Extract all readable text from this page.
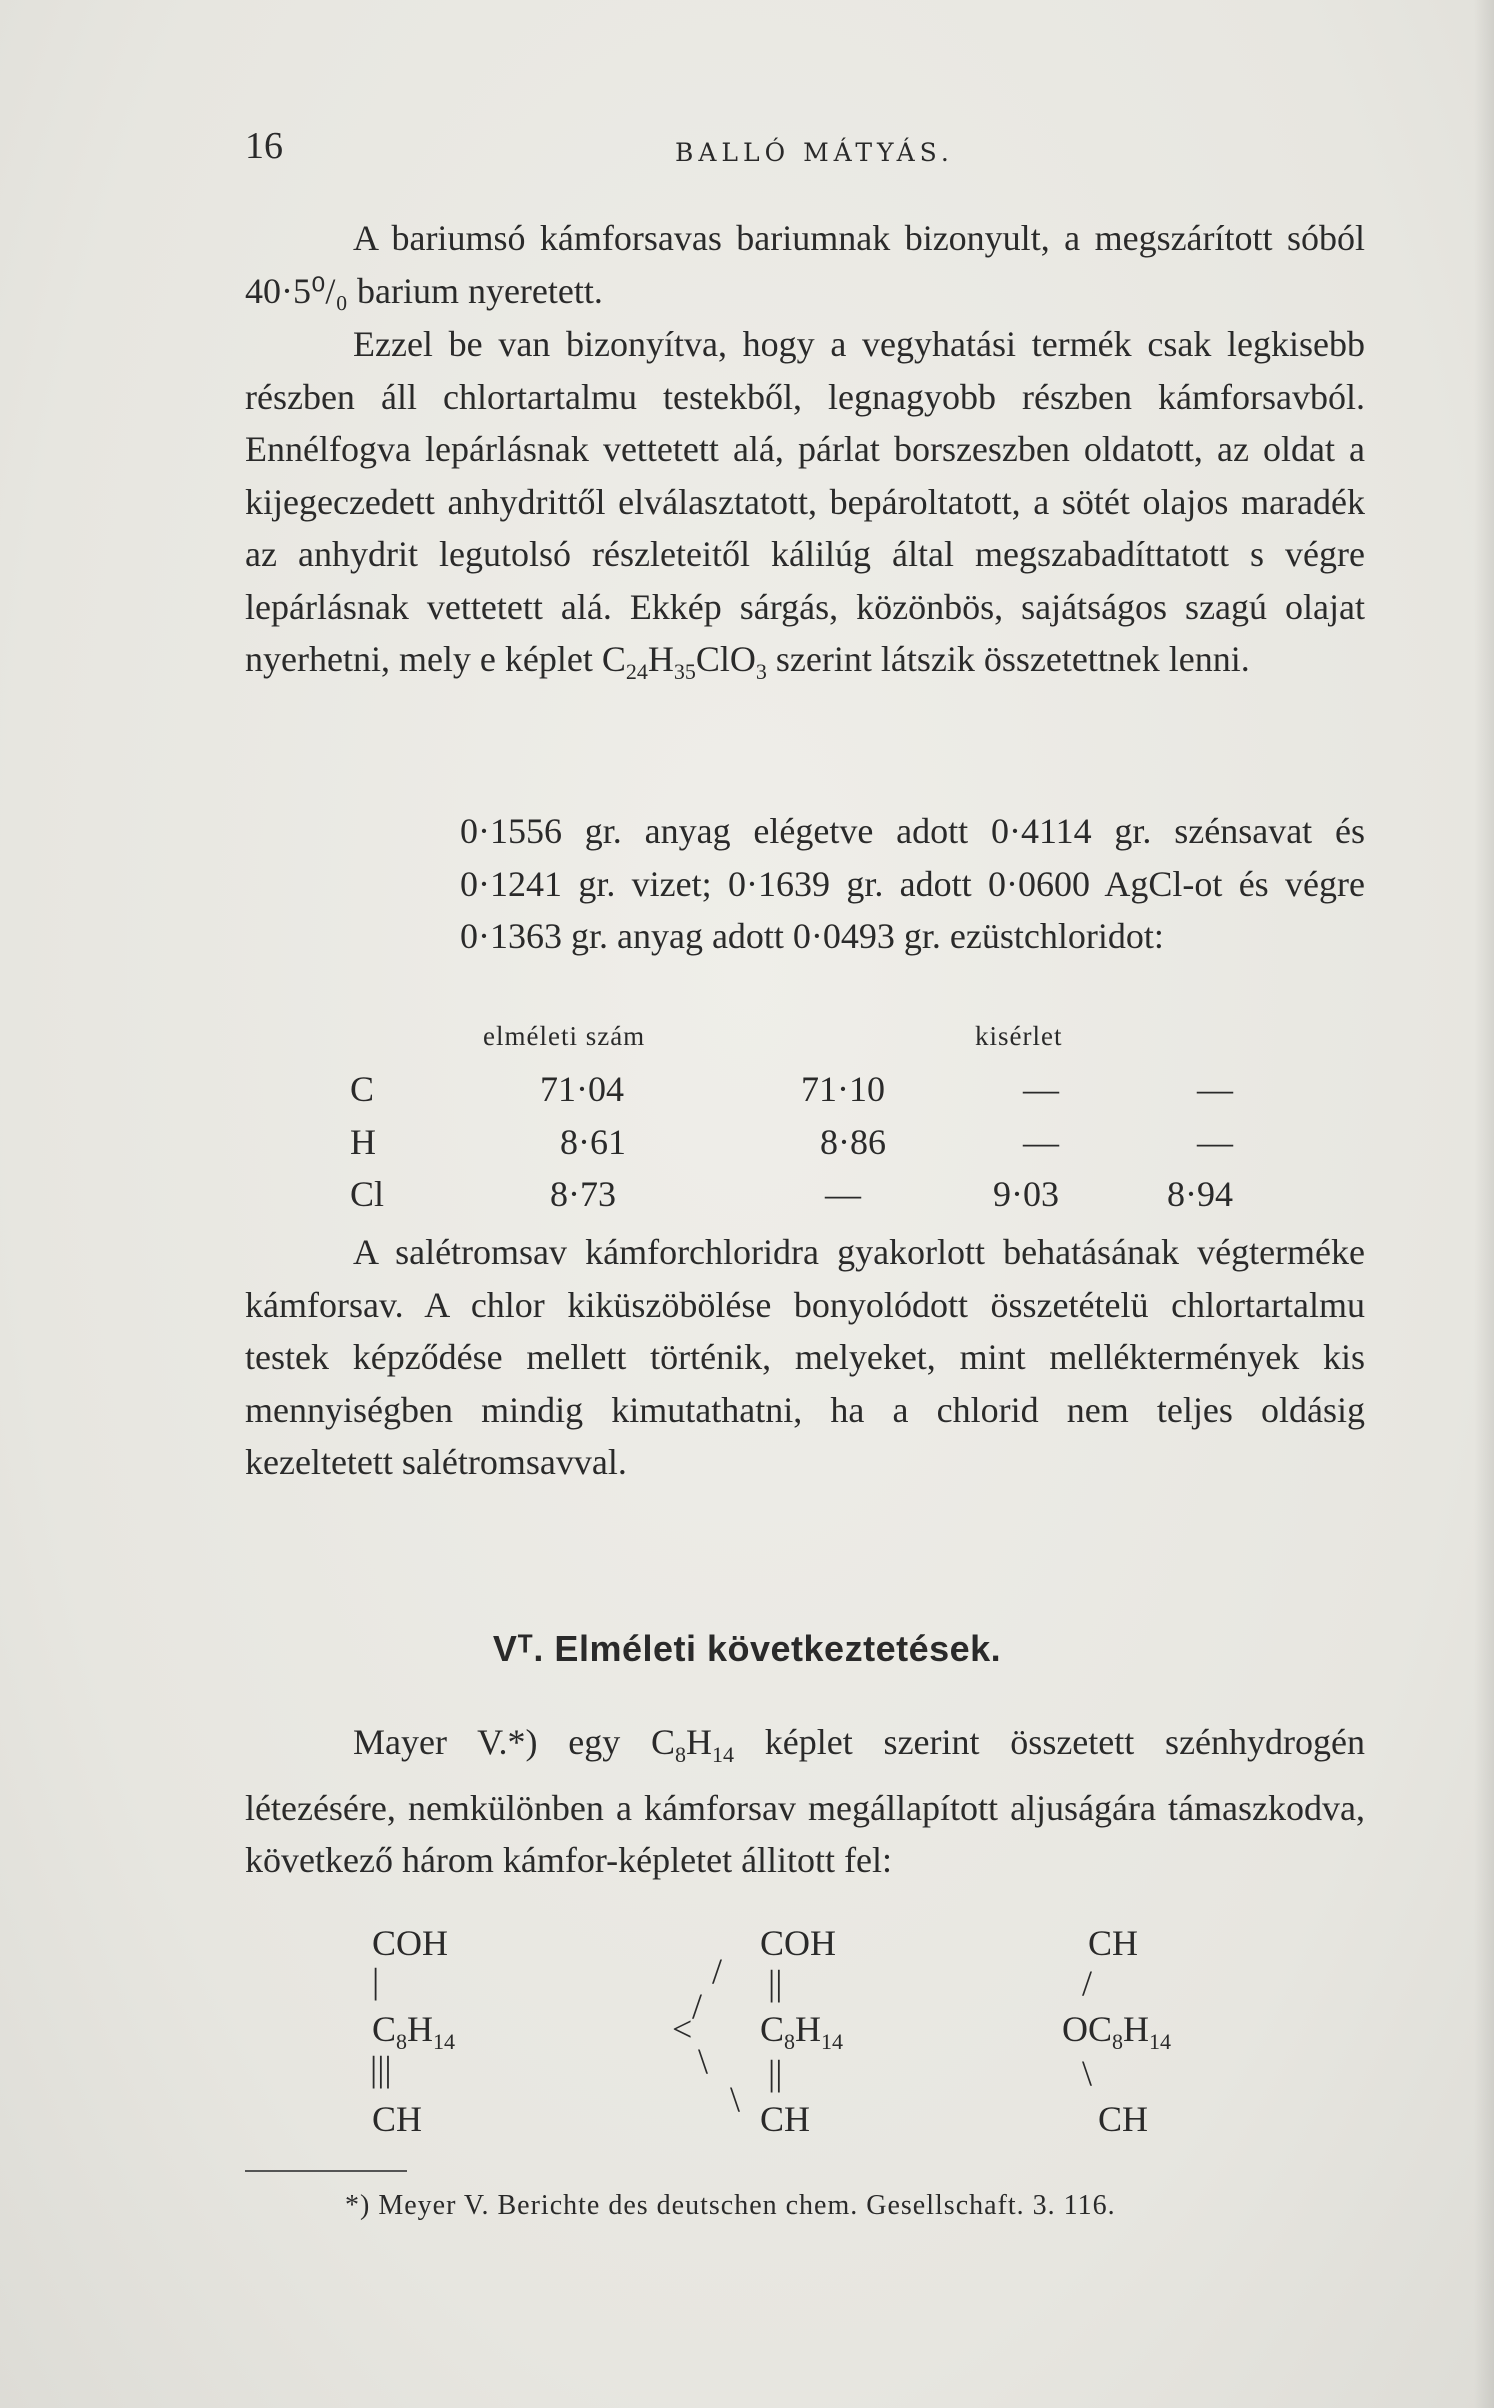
16	BALLÓ MÁTYÁS.
A bariumsó kámforsavas bariumnak bizonyult, a megszárított sóból 40·5⁰/₀ barium nyeretett.
Ezzel be van bizonyítva, hogy a vegyhatási termék csak legkisebb részben áll chlortartalmu testekből, legnagyobb részben kámforsavból. Ennélfogva lepárlásnak vettetett alá, párlat borszeszben oldatott, az oldat a kijegeczedett anhydrittől elválasztatott, bepároltatott, a sötét olajos maradék az anhydrit legutolsó részleteitől kálilúg által megszabadíttatott s végre lepárlásnak vettetett alá. Ekkép sárgás, közönbös, sajátságos szagú olajat nyerhetni, mely e képlet $C_{24}H_{35}ClO_3$ szerint látszik összetettnek lenni.
0·1556 gr. anyag elégetve adott 0·4114 gr. szénsavat és 0·1241 gr. vizet; 0·1639 gr. adott 0·0600 AgCl-ot és végre 0·1363 gr. anyag adott 0·0493 gr. ezüstchloridot:
elméleti szám	kisérlet
C	71·04	71·10	—	—
H	8·61	8·86	—	—
Cl	8·73	—	9·03	8·94
A salétromsav kámforchloridra gyakorlott behatásának végterméke kámforsav. A chlor kiküszöbölése bonyolódott összetételü chlortartalmu testek képződése mellett történik, melyeket, mint melléktermények kis mennyiségben mindig kimutathatni, ha a chlorid nem teljes oldásig kezeltetett salétromsavval.
Vᵀ. Elméleti következtetések.
Mayer V.*) egy $C_8H_{14}$ képlet szerint összetett szénhydrogén létezésére, nemkülönben a kámforsav megállapított aljuságára támaszkodva, következő három kámfor-képletet állitott fel:
COH
|
$C_8H_{14}$
|||
CH
COH
/
/
||
< $C_8H_{14}$
\ ||
\ CH
CH
/
$OC_8H_{14}$
\
CH
*) Meyer V. Berichte des deutschen chem. Gesellschaft. 3. 116.
